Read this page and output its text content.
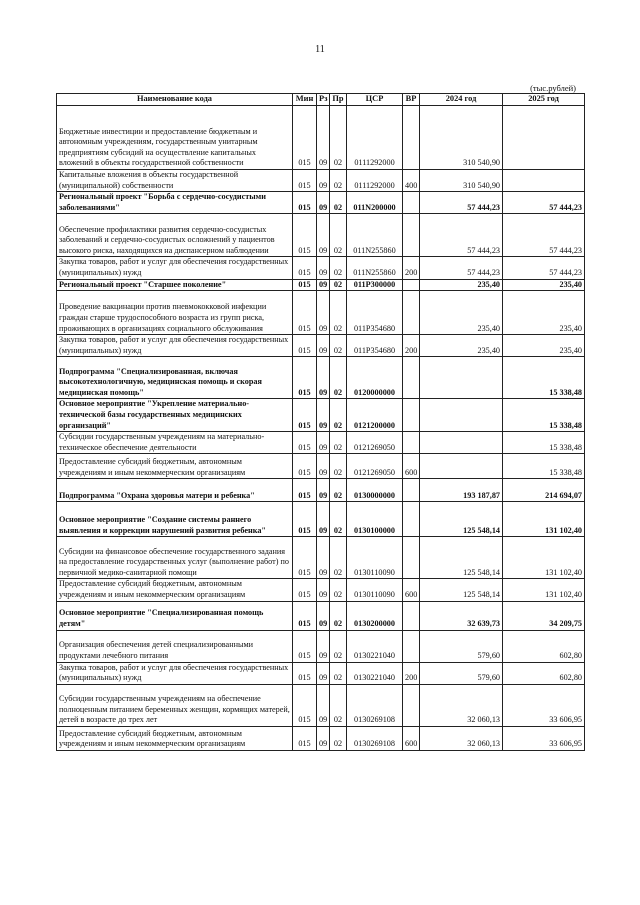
11
(тыс.рублей)
Наименование кода	Мин	Рз	Пр	ЦСР	ВР	2024 год	2025 год
Бюджетные инвестиции и предоставление бюджетным и автономным учреждениям, государственным унитарным предприятиям субсидий на осуществление капитальных вложений в объекты государственной собственности	015	09	02	0111292000		310 540,90	
Капитальные вложения в объекты государственной (муниципальной) собственности	015	09	02	0111292000	400	310 540,90	
Региональный проект "Борьба с сердечно-сосудистыми заболеваниями"	015	09	02	011N200000		57 444,23	57 444,23
Обеспечение профилактики развития сердечно-сосудистых заболеваний и сердечно-сосудистых осложнений у пациентов высокого риска, находящихся на диспансерном наблюдении	015	09	02	011N255860		57 444,23	57 444,23
Закупка товаров, работ и услуг для обеспечения государственных (муниципальных) нужд	015	09	02	011N255860	200	57 444,23	57 444,23
Региональный проект "Старшее поколение"	015	09	02	011P300000		235,40	235,40
Проведение вакцинации против пневмококковой инфекции граждан старше трудоспособного возраста из групп риска, проживающих в организациях социального обслуживания	015	09	02	011P354680		235,40	235,40
Закупка товаров, работ и услуг для обеспечения государственных (муниципальных) нужд	015	09	02	011P354680	200	235,40	235,40
Подпрограмма "Специализированная, включая высокотехнологичную, медицинская помощь и скорая медицинская помощь"	015	09	02	0120000000			15 338,48
Основное мероприятие "Укрепление материально-технической базы государственных медицинских организаций"	015	09	02	0121200000			15 338,48
Субсидии государственным учреждениям на материально-техническое обеспечение деятельности	015	09	02	0121269050			15 338,48
Предоставление субсидий бюджетным, автономным учреждениям и иным некоммерческим организациям	015	09	02	0121269050	600		15 338,48
Подпрограмма "Охрана здоровья матери и ребенка"	015	09	02	0130000000		193 187,87	214 694,07
Основное мероприятие "Создание системы раннего выявления и коррекции нарушений развития ребенка"	015	09	02	0130100000		125 548,14	131 102,40
Субсидии на финансовое обеспечение государственного задания на предоставление государственных услуг (выполнение работ) по первичной медико-санитарной помощи	015	09	02	0130110090		125 548,14	131 102,40
Предоставление субсидий бюджетным, автономным учреждениям и иным некоммерческим организациям	015	09	02	0130110090	600	125 548,14	131 102,40
Основное мероприятие "Специализированная помощь детям"	015	09	02	0130200000		32 639,73	34 209,75
Организация обеспечения детей специализированными продуктами лечебного питания	015	09	02	0130221040		579,60	602,80
Закупка товаров, работ и услуг для обеспечения государственных (муниципальных) нужд	015	09	02	0130221040	200	579,60	602,80
Субсидии государственным учреждениям на обеспечение полноценным питанием беременных женщин, кормящих матерей, детей в возрасте до трех лет	015	09	02	0130269108		32 060,13	33 606,95
Предоставление субсидий бюджетным, автономным учреждениям и иным некоммерческим организациям	015	09	02	0130269108	600	32 060,13	33 606,95
